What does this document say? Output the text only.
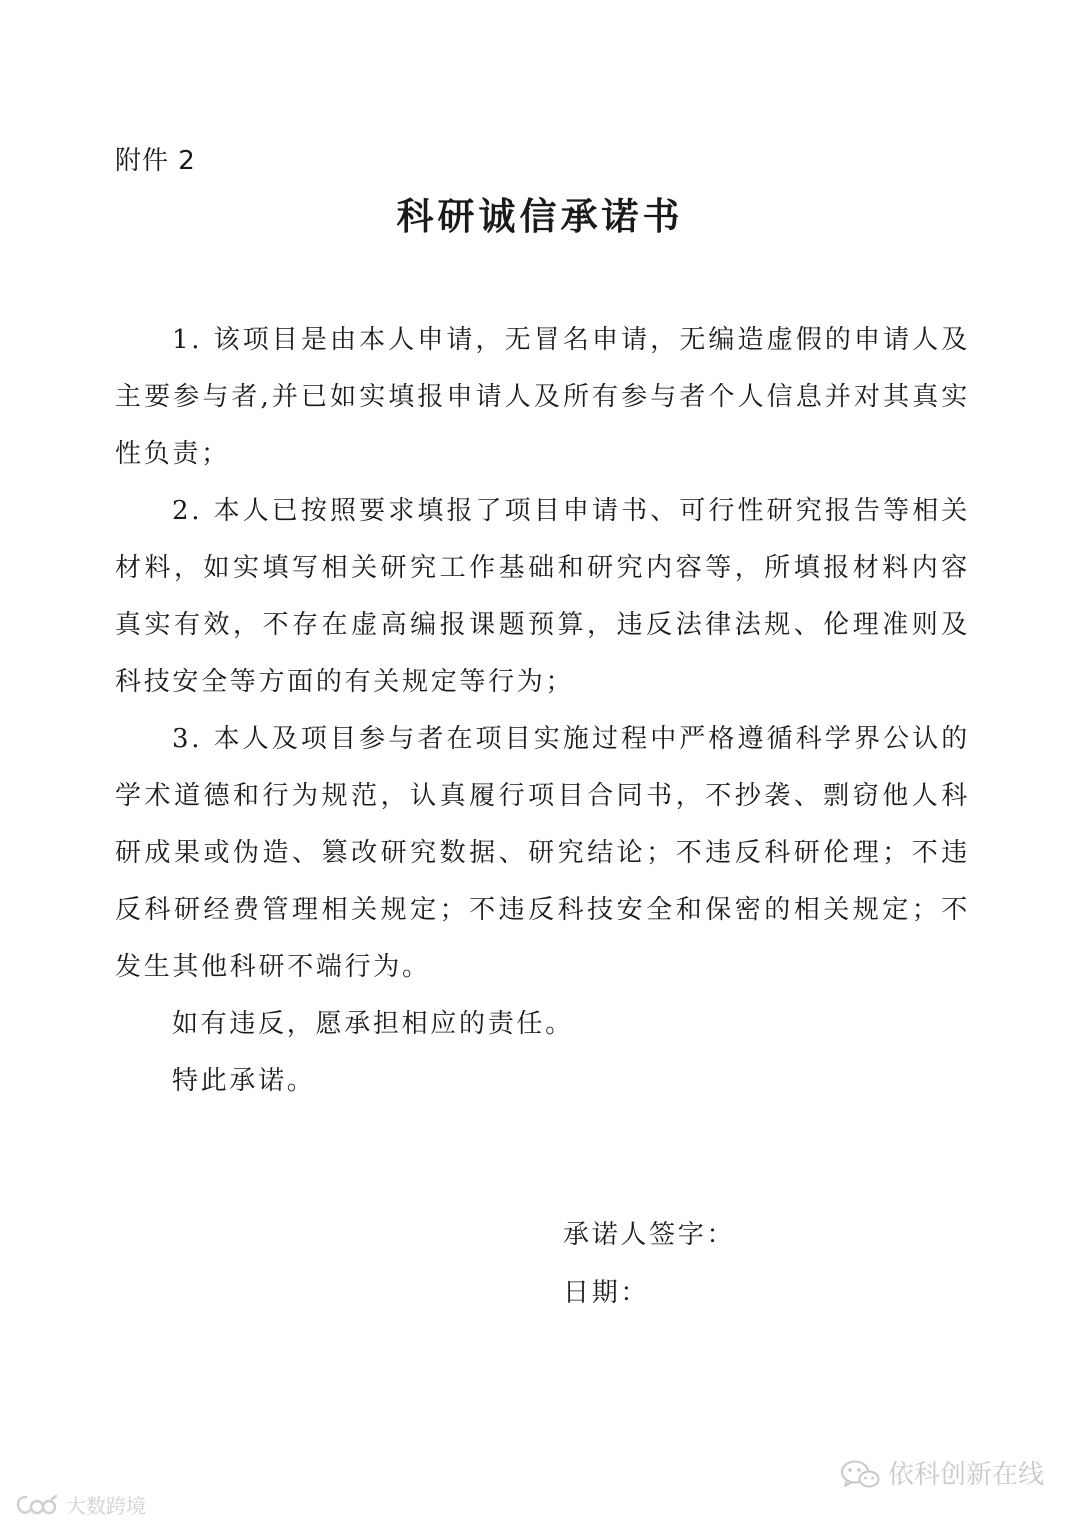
附件 2
科研诚信承诺书

1. 该项目是由本人申请，无冒名申请，无编造虚假的申请人及主要参与者,并已如实填报申请人及所有参与者个人信息并对其真实性负责；

2. 本人已按照要求填报了项目申请书、可行性研究报告等相关材料，如实填写相关研究工作基础和研究内容等，所填报材料内容真实有效，不存在虚高编报课题预算，违反法律法规、伦理准则及科技安全等方面的有关规定等行为；

3. 本人及项目参与者在项目实施过程中严格遵循科学界公认的学术道德和行为规范，认真履行项目合同书，不抄袭、剽窃他人科研成果或伪造、篡改研究数据、研究结论；不违反科研伦理；不违反科研经费管理相关规定；不违反科技安全和保密的相关规定；不发生其他科研不端行为。

如有违反，愿承担相应的责任。

特此承诺。

承诺人签字：
日期：
依科创新在线
大数跨境
